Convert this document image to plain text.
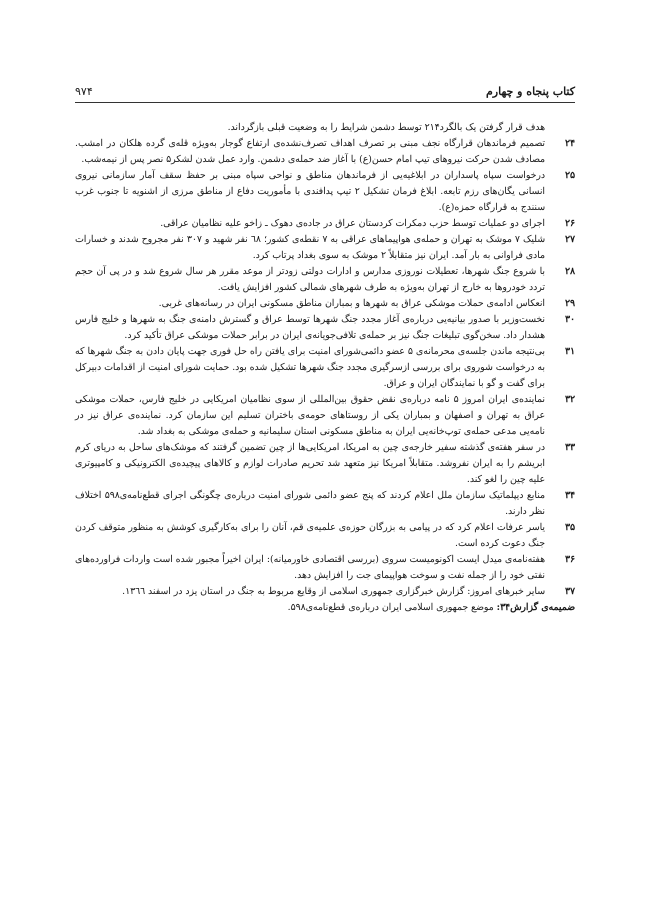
کتاب پنجاه و چهارم
۹۷۴
هدف قرار گرفتن یک بالگرد۲۱۴ توسط دشمن شرایط را به وضعیت قبلی بازگرداند.
۲۴
تصمیم فرماندهان قرارگاه نجف مبنی بر تصرف اهداف تصرف‌نشده‌ی ارتفاع گوجار به‌ویژه قله‌ی گرده هلکان در امشب. مصادف شدن حرکت نیروهای تیپ امام حسن(ع) با آغاز ضد حمله‌ی دشمن. وارد عمل شدن لشکر۵ نصر پس از نیمه‌شب.
۲۵
درخواست سپاه پاسداران در ابلاغیه‌یی از فرماندهان مناطق و نواحی سپاه مبنی بر حفظ سقف آمار سازمانی نیروی انسانی یگان‌های رزم تابعه. ابلاغ فرمان تشکیل ۲ تیپ پدافندی با مأموریت دفاع از مناطق مرزی از اشنویه تا جنوب غرب سنندج به قرارگاه حمزه(ع).
۲۶
اجرای دو عملیات توسط حزب دمکرات کردستان عراق در جاده‌ی دهوک ـ زاخو علیه نظامیان عراقی.
۲۷
شلیک ۷ موشک به تهران و حمله‌ی هواپیماهای عراقی به ۷ نقطه‌ی کشور؛ ٦٨ نفر شهید و ۳۰۷ نفر مجروح شدند و خسارات مادی فراوانی به بار آمد. ایران نیز متقابلاً ۲ موشک به سوی بغداد پرتاب کرد.
۲۸
با شروع جنگ شهرها، تعطیلات نوروزی مدارس و ادارات دولتی زودتر از موعد مقرر هر سال شروع شد و در پی آن حجم تردد خودروها به خارج از تهران به‌ویژه به طرف شهرهای شمالی کشور افزایش یافت.
۲۹
انعکاس ادامه‌ی حملات موشکی عراق به شهرها و بمباران مناطق مسکونی ایران در رسانه‌های غربی.
۳۰
نخست‌وزیر با صدور بیانیه‌یی درباره‌ی آغاز مجدد جنگ شهرها توسط عراق و گسترش دامنه‌ی جنگ به شهرها و خلیج فارس هشدار داد. سخن‌گوی تبلیغات جنگ نیز بر حمله‌ی تلافی‌جویانه‌ی ایران در برابر حملات موشکی عراق تأکید کرد.
۳۱
بی‌نتیجه ماندن جلسه‌ی محرمانه‌ی ۵ عضو دائمی‌شورای امنیت برای یافتن راه حل فوری جهت پایان دادن به جنگ شهرها که به درخواست شوروی برای بررسی ازسرگیری مجدد جنگ شهرها تشکیل شده بود. حمایت شورای امنیت از اقدامات دبیرکل برای گفت و گو با نمایندگان ایران و عراق.
۳۲
نماینده‌ی ایران امروز ۵ نامه درباره‌ی نقض حقوق بین‌المللی از سوی نظامیان امریکایی در خلیج فارس، حملات موشکی عراق به تهران و اصفهان و بمباران یکی از روستاهای حومه‌ی باختران تسلیم این سازمان کرد. نماینده‌ی عراق نیز در نامه‌یی مدعی حمله‌ی توپ‌خانه‌یی ایران به مناطق مسکونی استان سلیمانیه و حمله‌ی موشکی به بغداد شد.
۳۳
در سفر هفته‌ی گذشته سفیر خارجه‌ی چین به امریکا، امریکایی‌ها از چین تضمین گرفتند که موشک‌های ساحل به دریای کرم ابریشم را به ایران نفروشد. متقابلاً امریکا نیز متعهد شد تحریم صادرات لوازم و کالاهای پیچیده‌ی الکترونیکی و کامپیوتری علیه چین را لغو کند.
۳۴
منابع دیپلماتیک سازمان ملل اعلام کردند که پنج عضو دائمی شورای امنیت درباره‌ی چگونگی اجرای قطع‌نامه‌ی۵۹۸ اختلاف نظر دارند.
۳۵
یاسر عرفات اعلام کرد که در پیامی به بزرگان حوزه‌ی علمیه‌ی قم، آنان را برای به‌کارگیری کوشش به منظور متوقف کردن جنگ دعوت کرده است.
۳۶
هفته‌نامه‌ی میدل ایست اکونومیست سروی (بررسی اقتصادی خاورمیانه): ایران اخیراً مجبور شده است واردات فراورده‌های نفتی خود را از جمله نفت و سوخت هواپیمای جت را افزایش دهد.
۳۷
سایر خبرهای امروز: گزارش خبرگزاری جمهوری اسلامی از وقایع مربوط به جنگ در استان یزد در اسفند ۱۳٦٦.
ضمیمه‌ی گزارش۳۴: موضع جمهوری اسلامی ایران درباره‌ی قطع‌نامه‌ی۵۹۸.
